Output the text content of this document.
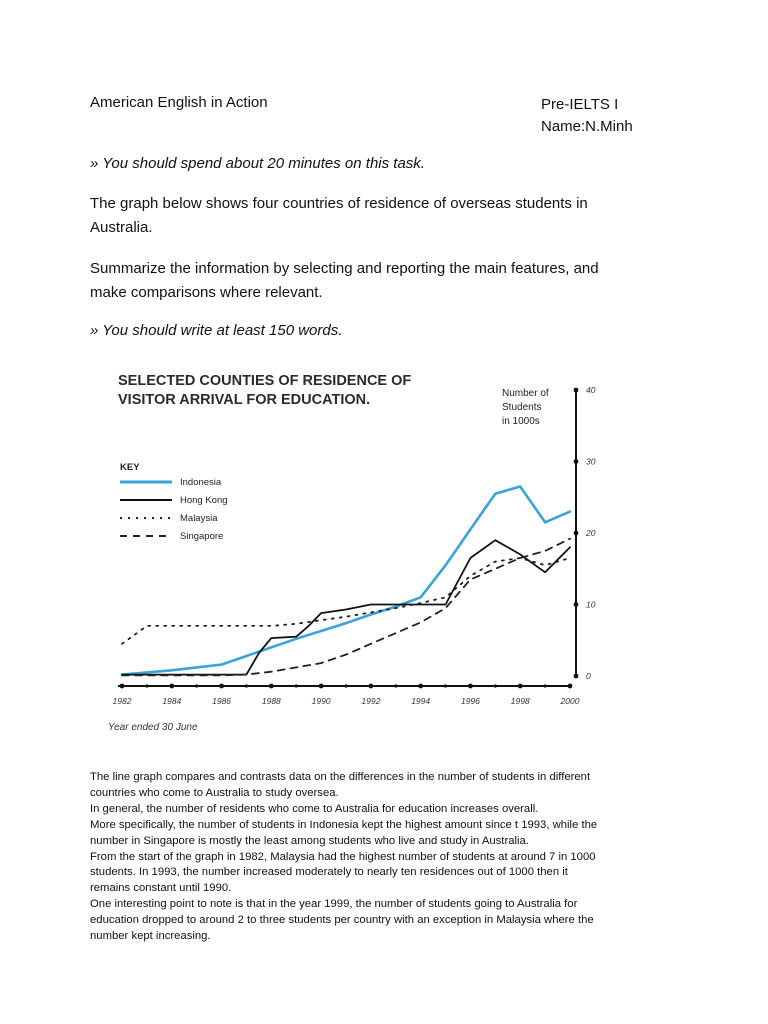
American English in Action	Pre-IELTS I
Name:N.Minh
» You should spend about 20 minutes on this task.
The graph below shows four countries of residence of overseas students in
Australia.
Summarize the information by selecting and reporting the main features, and
make comparisons where relevant.
» You should write at least 150 words.
SELECTED COUNTIES OF RESIDENCE OF
VISITOR ARRIVAL FOR EDUCATION.	Number of
Students
in 1000s
KEY
Indonesia
Hong Kong
Malaysia
Singapore
0
10
20
30
40
1982	1984	1986	1988	1990	1992	1994	1996	1998	2000
Year ended 30 June

The line graph compares and contrasts data on the differences in the number of students in different

countries who come to Australia to study oversea.

In general, the number of residents who come to Australia for education increases overall.

More specifically, the number of students in Indonesia kept the highest amount since t 1993, while the

number in Singapore is mostly the least among students who live and study in Australia.

From the start of the graph in 1982, Malaysia had the highest number of students at around 7 in 1000

students. In 1993, the number increased moderately to nearly ten residences out of 1000 then it

remains constant until 1990.

One interesting point to note is that in the year 1999, the number of students going to Australia for

education dropped to around 2 to three students per country with an exception in Malaysia where the

number kept increasing.
